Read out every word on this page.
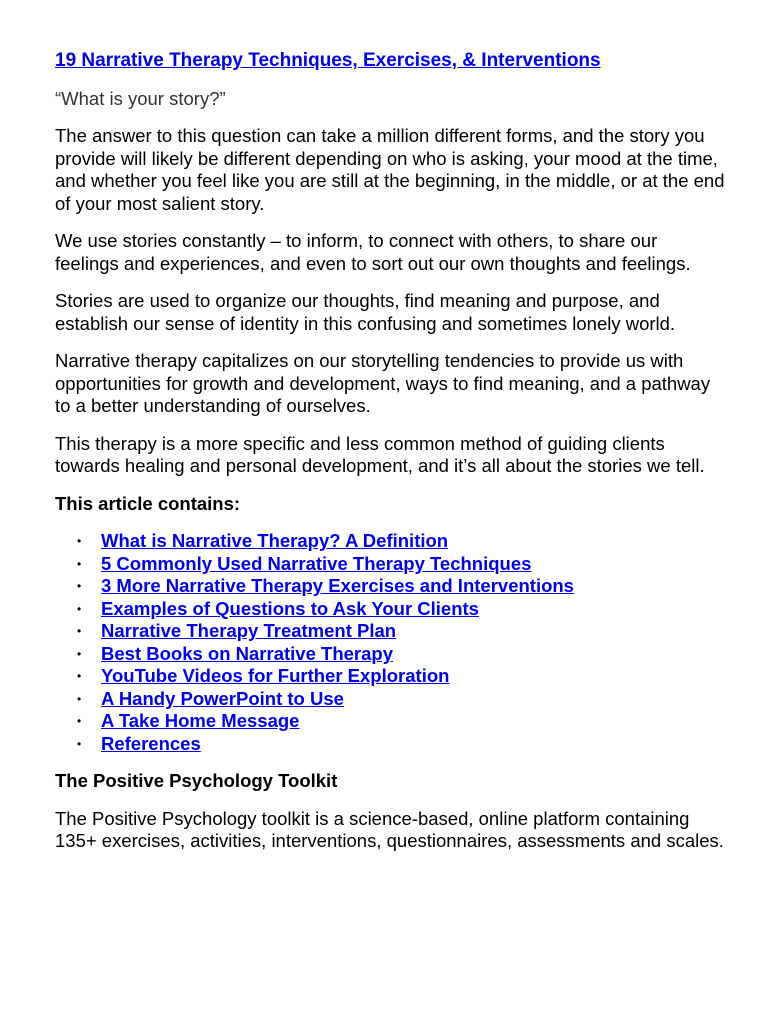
19 Narrative Therapy Techniques, Exercises, & Interventions

“What is your story?”

The answer to this question can take a million different forms, and the story you provide will likely be different depending on who is asking, your mood at the time, and whether you feel like you are still at the beginning, in the middle, or at the end of your most salient story.

We use stories constantly – to inform, to connect with others, to share our feelings and experiences, and even to sort out our own thoughts and feelings.

Stories are used to organize our thoughts, find meaning and purpose, and establish our sense of identity in this confusing and sometimes lonely world.

Narrative therapy capitalizes on our storytelling tendencies to provide us with opportunities for growth and development, ways to find meaning, and a pathway to a better understanding of ourselves.

This therapy is a more specific and less common method of guiding clients towards healing and personal development, and it’s all about the stories we tell.

This article contains:
• What is Narrative Therapy? A Definition
• 5 Commonly Used Narrative Therapy Techniques
• 3 More Narrative Therapy Exercises and Interventions
• Examples of Questions to Ask Your Clients
• Narrative Therapy Treatment Plan
• Best Books on Narrative Therapy
• YouTube Videos for Further Exploration
• A Handy PowerPoint to Use
• A Take Home Message
• References
The Positive Psychology Toolkit

The Positive Psychology toolkit is a science-based, online platform containing 135+ exercises, activities, interventions, questionnaires, assessments and scales.
